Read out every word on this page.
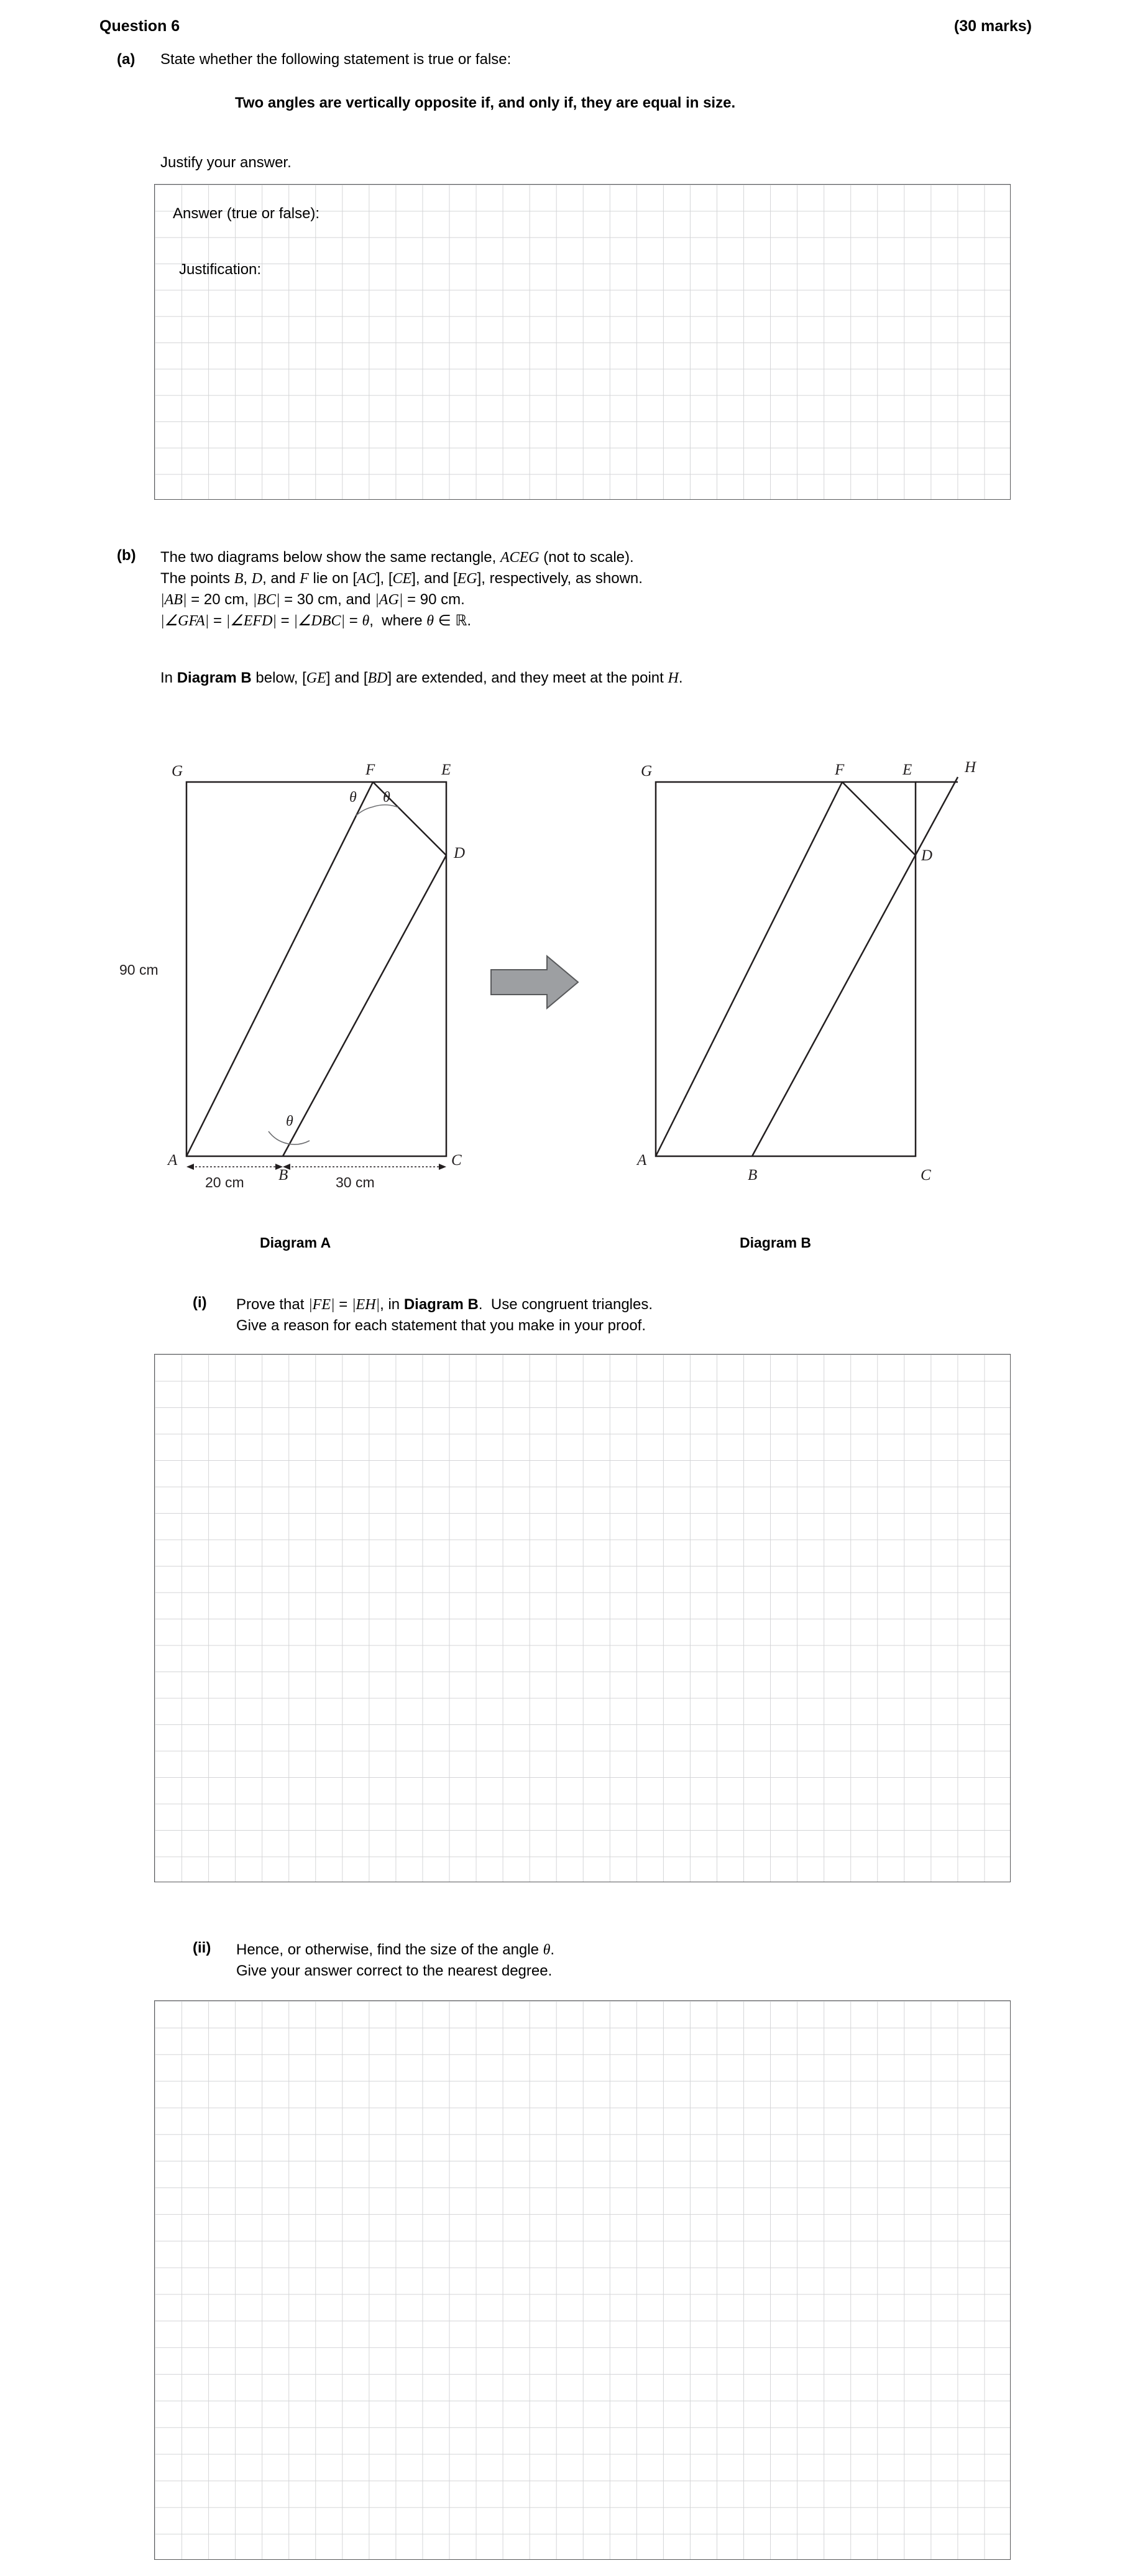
Question 6	(30 marks)
(a) State whether the following statement is true or false:
Two angles are vertically opposite if, and only if, they are equal in size.
Justify your answer.
Answer (true or false):
Justification:
(b) The two diagrams below show the same rectangle, ACEG (not to scale).
The points B, D, and F lie on [AC], [CE], and [EG], respectively, as shown.
|AB| = 20 cm, |BC| = 30 cm, and |AG| = 90 cm.
|∠GFA| = |∠EFD| = |∠DBC| = θ,  where θ ∈ ℝ.
In Diagram B below, [GE] and [BD] are extended, and they meet at the point H.
G	F	E
D
A
B
C
θ θ
θ
90 cm
20 cm	30 cm
G	F	E	H
D
A
B	C
Diagram A	Diagram B
(i) Prove that |FE| = |EH|, in Diagram B.  Use congruent triangles.
Give a reason for each statement that you make in your proof.
(ii) Hence, or otherwise, find the size of the angle θ.
Give your answer correct to the nearest degree.
